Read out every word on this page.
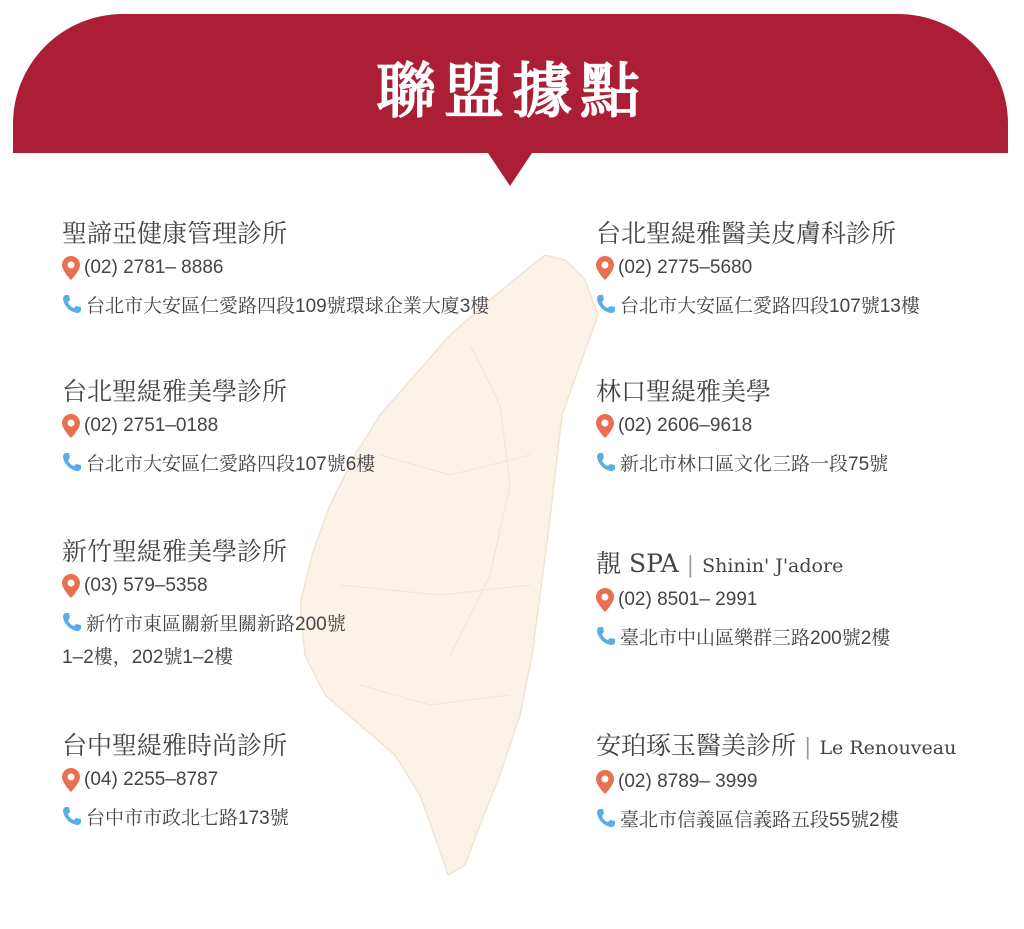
聯盟據點
聖諦亞健康管理診所
(02) 2781– 8886
台北市大安區仁愛路四段109號環球企業大廈3樓
台北聖緹雅美學診所
(02) 2751–0188
台北市大安區仁愛路四段107號6樓
新竹聖緹雅美學診所
(03) 579–5358
新竹市東區關新里關新路200號
1–2樓，202號1–2樓
台中聖緹雅時尚診所
(04) 2255–8787
台中市市政北七路173號
台北聖緹雅醫美皮膚科診所
(02) 2775–5680
台北市大安區仁愛路四段107號13樓
林口聖緹雅美學
(02) 2606–9618
新北市林口區文化三路一段75號
靚 SPA | Shinin' J'adore
(02) 8501– 2991
臺北市中山區樂群三路200號2樓
安珀琢玉醫美診所 | Le Renouveau
(02) 8789– 3999
臺北市信義區信義路五段55號2樓
